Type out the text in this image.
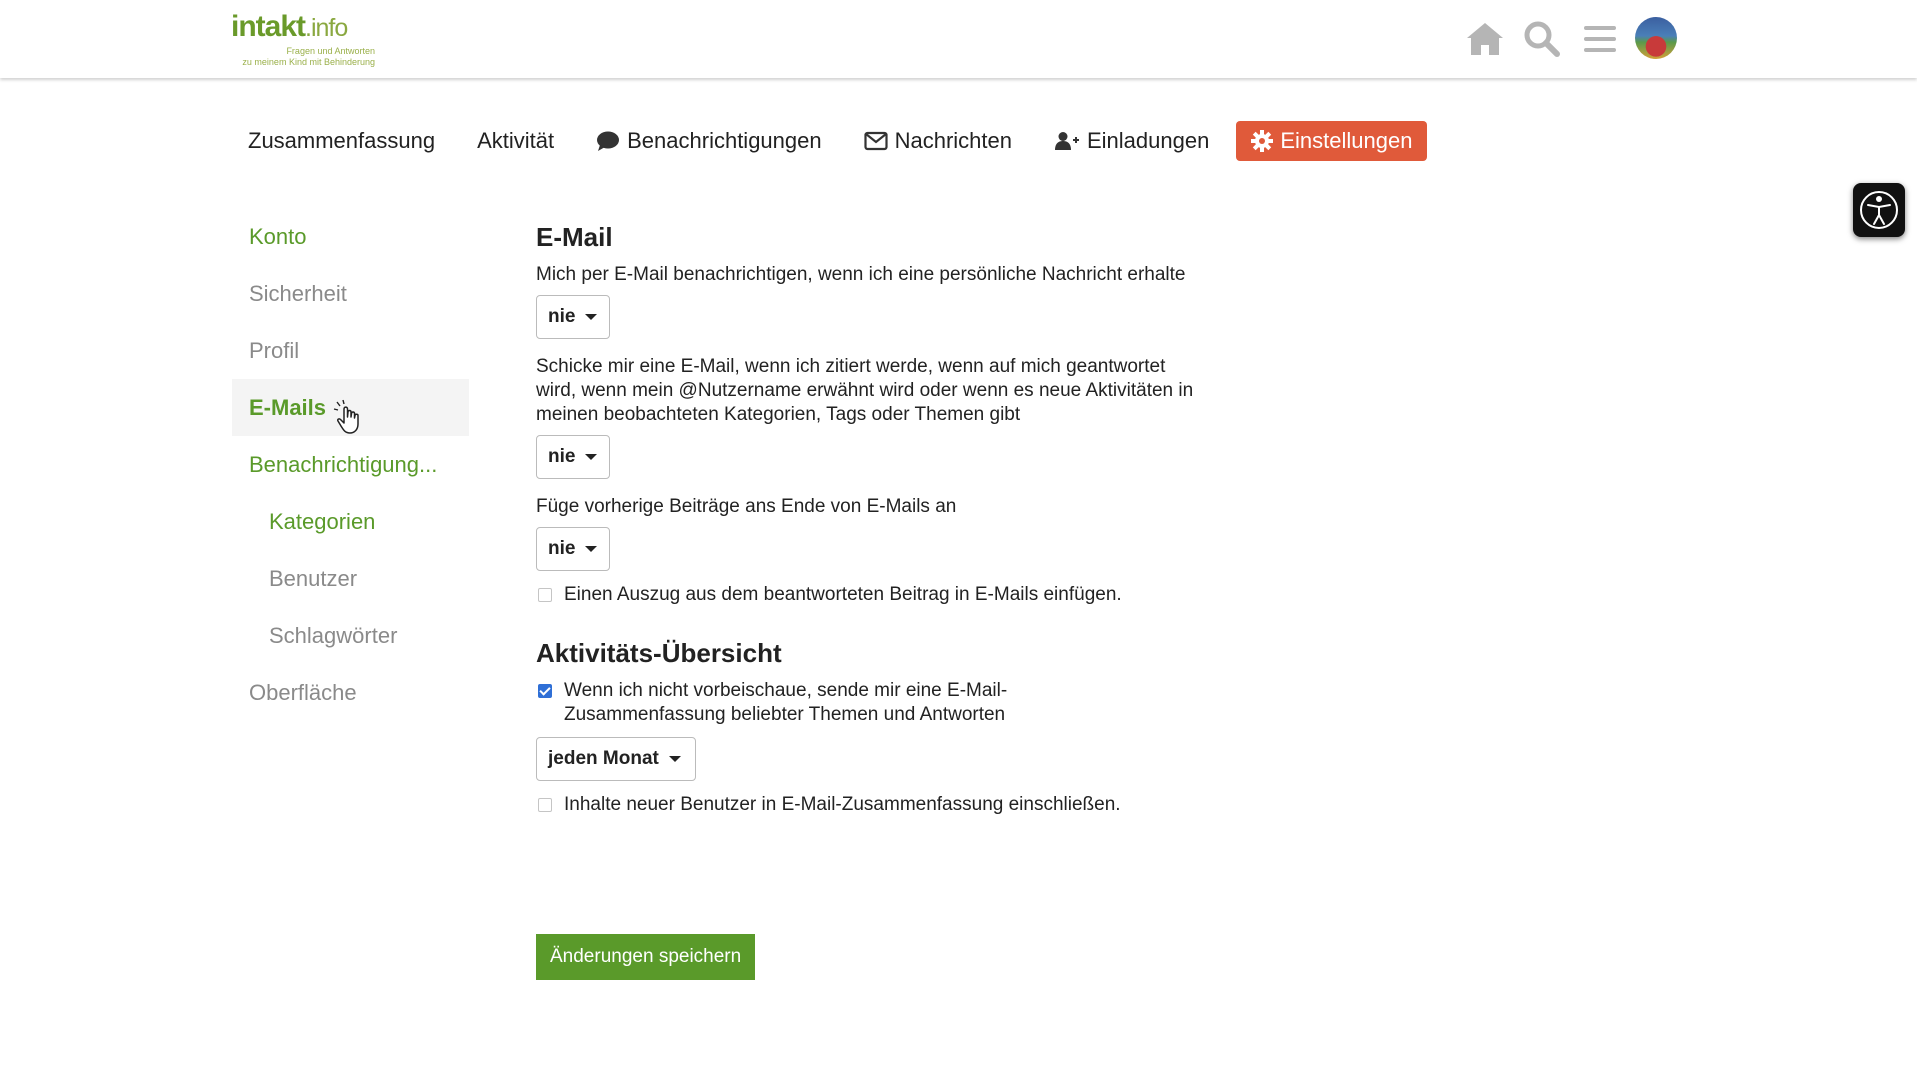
intakt.info
Fragen und Antworten
zu meinem Kind mit Behinderung
Zusammenfassung Aktivität	Benachrichtigungen	Nachrichten	Einladungen	Einstellungen
Konto
Sicherheit
Profil
E-Mails
Benachrichtigung...
Kategorien
Benutzer
Schlagwörter
Oberfläche
E-Mail
Mich per E-Mail benachrichtigen, wenn ich eine persönliche Nachricht erhalte
nie
Schicke mir eine E-Mail, wenn ich zitiert werde, wenn auf mich geantwortet wird, wenn mein @Nutzername erwähnt wird oder wenn es neue Aktivitäten in meinen beobachteten Kategorien, Tags oder Themen gibt
nie
Füge vorherige Beiträge ans Ende von E-Mails an
nie
Einen Auszug aus dem beantworteten Beitrag in E-Mails einfügen.
Aktivitäts-Übersicht
Wenn ich nicht vorbeischaue, sende mir eine E-Mail-Zusammenfassung beliebter Themen und Antworten
jeden Monat
Inhalte neuer Benutzer in E-Mail-Zusammenfassung einschließen.
Änderungen speichern
